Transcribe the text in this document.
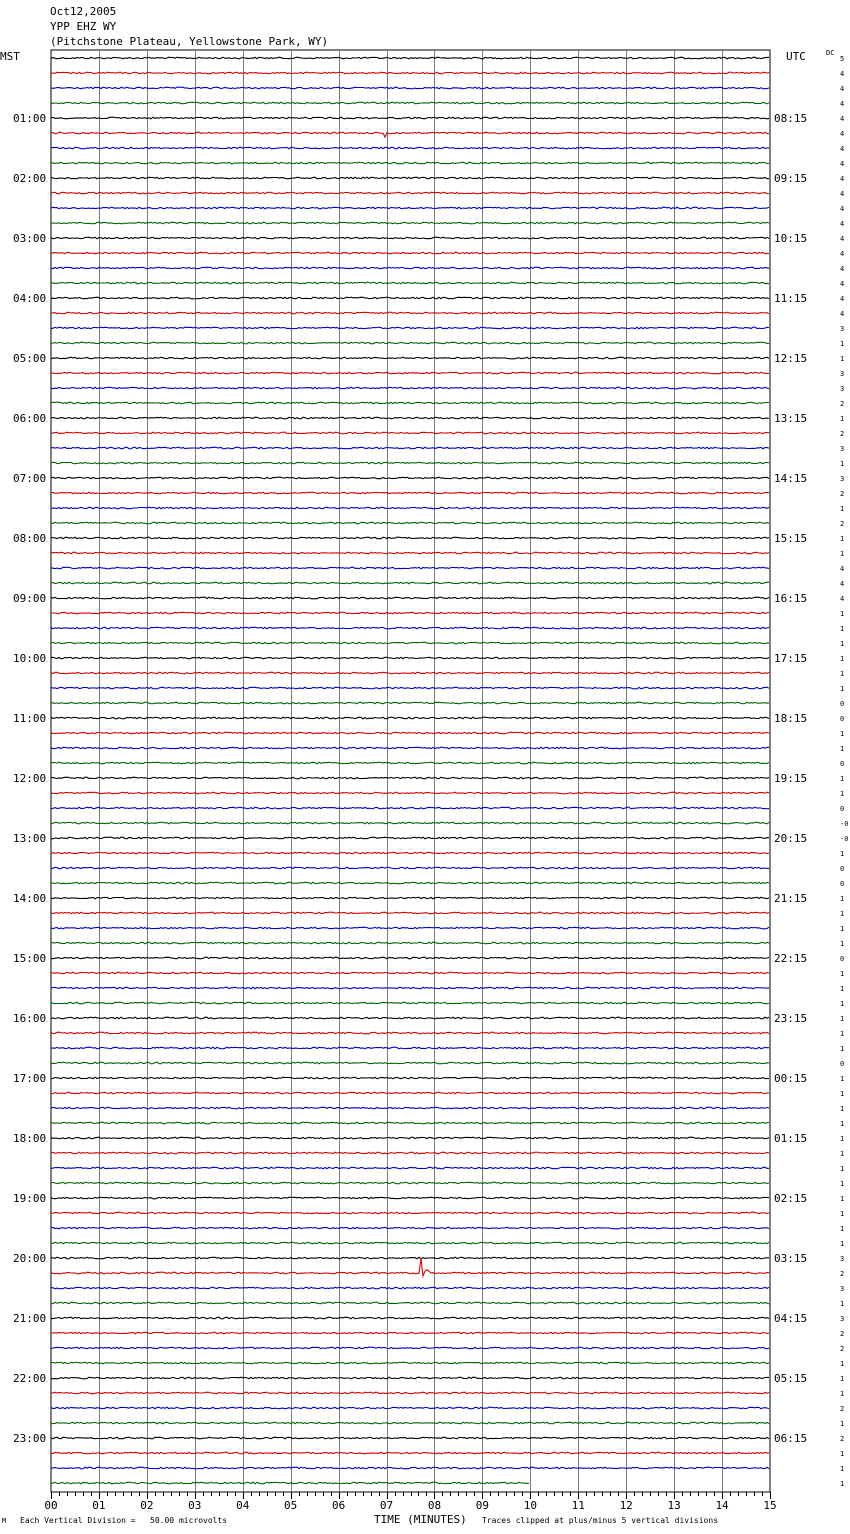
Oct12,2005
YPP EHZ WY
(Pitchstone Plateau, Yellowstone Park, WY)
MST	UTC	DC
01:00
02:00
03:00
04:00
05:00
06:00
07:00
08:00
09:00
10:00
11:00
12:00
13:00
14:00
15:00
16:00
17:00
18:00
19:00
20:00
21:00
22:00
23:00
08:15
09:15
10:15
11:15
12:15
13:15
14:15
15:15
16:15
17:15
18:15
19:15
20:15
21:15
22:15
23:15
00:15
01:15
02:15
03:15
04:15
05:15
06:15
5
4
4
4
4
4
4
4
4
4
4
4
4
4
4
4
4
4
3
1
1
3
3
2
1
2
3
1
3
2
1
2
1
1
4
4
4
1
1
1
1
1
1
0
0
1
1
0
1
1
0
-0
-0
1
0
0
1
1
1
1
0
1
1
1
1
1
1
0
1
1
1
1
1
1
1
1
1
1
1
1
3
2
3
1
3
2
2
1
1
1
2
1
2
1
1
1
00	01	02	03	04	05	06	07	08	09	10	11	12	13	14	15
M Each Vertical Division =   50.00 microvolts	TIME (MINUTES) Traces clipped at plus/minus 5 vertical divisions
